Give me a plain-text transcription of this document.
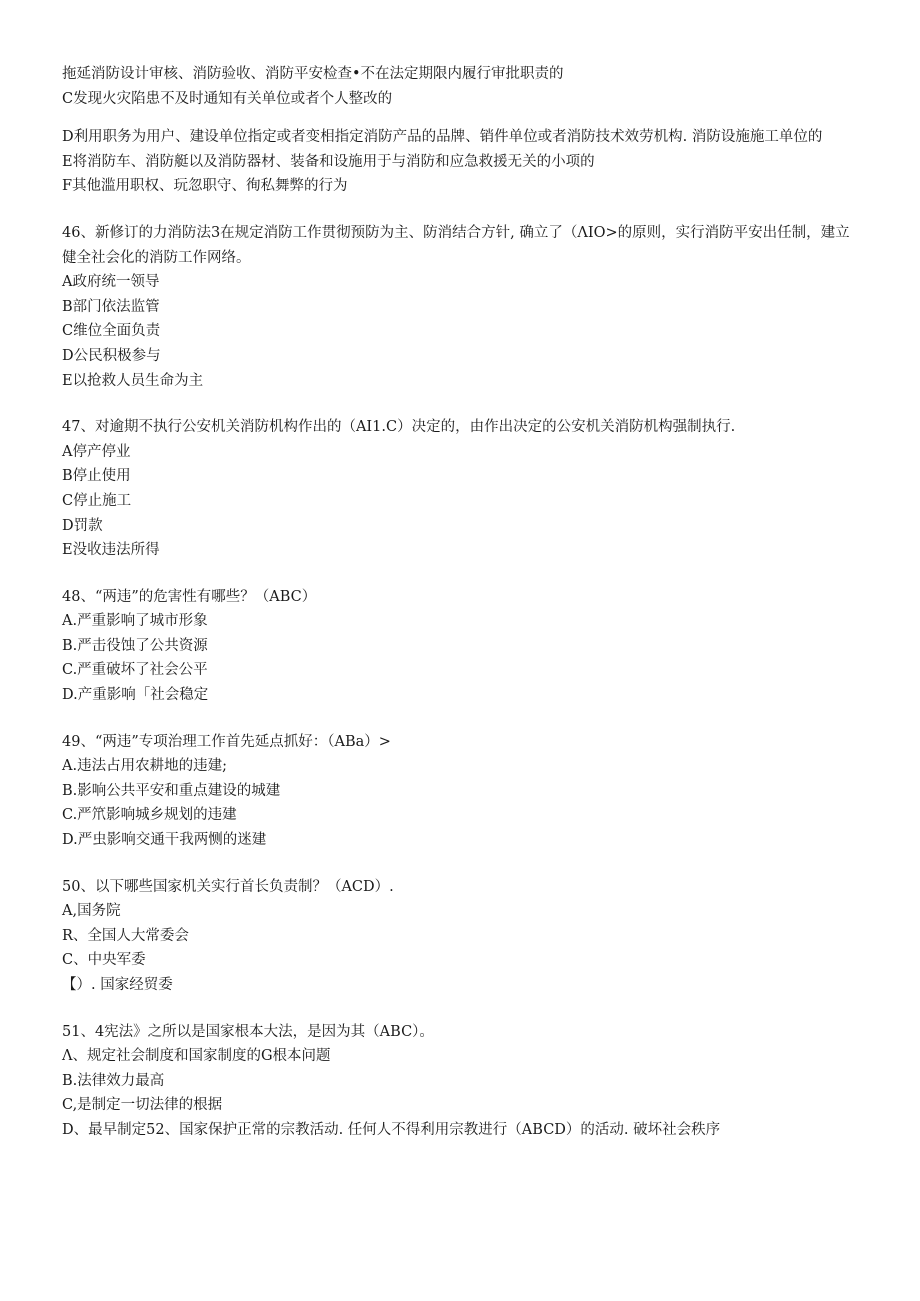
拖延消防设计审核、消防验收、消防平安检查•不在法定期限内履行审批职责的
C发现火灾陷患不及时通知有关单位或者个人整改的
D利用职务为用户、建设单位指定或者变相指定消防产品的品牌、销件单位或者消防技术效劳机构. 消防设施施工单位的
E将消防车、消防艇以及消防器材、装备和设施用于与消防和应急救援无关的小项的
F其他滥用职权、玩忽职守、徇私舞弊的行为
46、新修订的力消防法3在规定消防工作贯彻预防为主、防消结合方针, 确立了（ΛIO>的原则，实行消防平安出任制，建立健全社会化的消防工作网络。
A政府统一领导
B部门依法监管
C维位全面负责
D公民积极参与
E以抢救人员生命为主
47、对逾期不执行公安机关消防机构作出的（AI1.C）决定的，由作出决定的公安机关消防机构强制执行.
A停产停业
B停止使用
C停止施工
D罚款
E没收违法所得
48、“两违”的危害性有哪些？（ABC）
A.严重影响了城市形象
B.严击役蚀了公共资源
C.严重破坏了社会公平
D.产重影响「社会稳定
49、“两违”专项治理工作首先延点抓好：（ABa）>
A.违法占用农耕地的违建;
B.影响公共平安和重点建设的城建
C.严笊影响城乡规划的违建
D.严虫影响交通干我两恻的迷建
50、以下哪些国家机关实行首长负责制？（ACD）.
A,国务院
R、全国人大常委会
C、中央军委
【）. 国家经贸委
51、4宪法》之所以是国家根本大法，是因为其（ABC）。
Λ、规定社会制度和国家制度的G根本问题
B.法律效力最高
C,是制定一切法律的根据
D、最早制定52、国家保护正常的宗教活动. 任何人不得利用宗教进行（ABCD）的活动. 破坏社会秩序
